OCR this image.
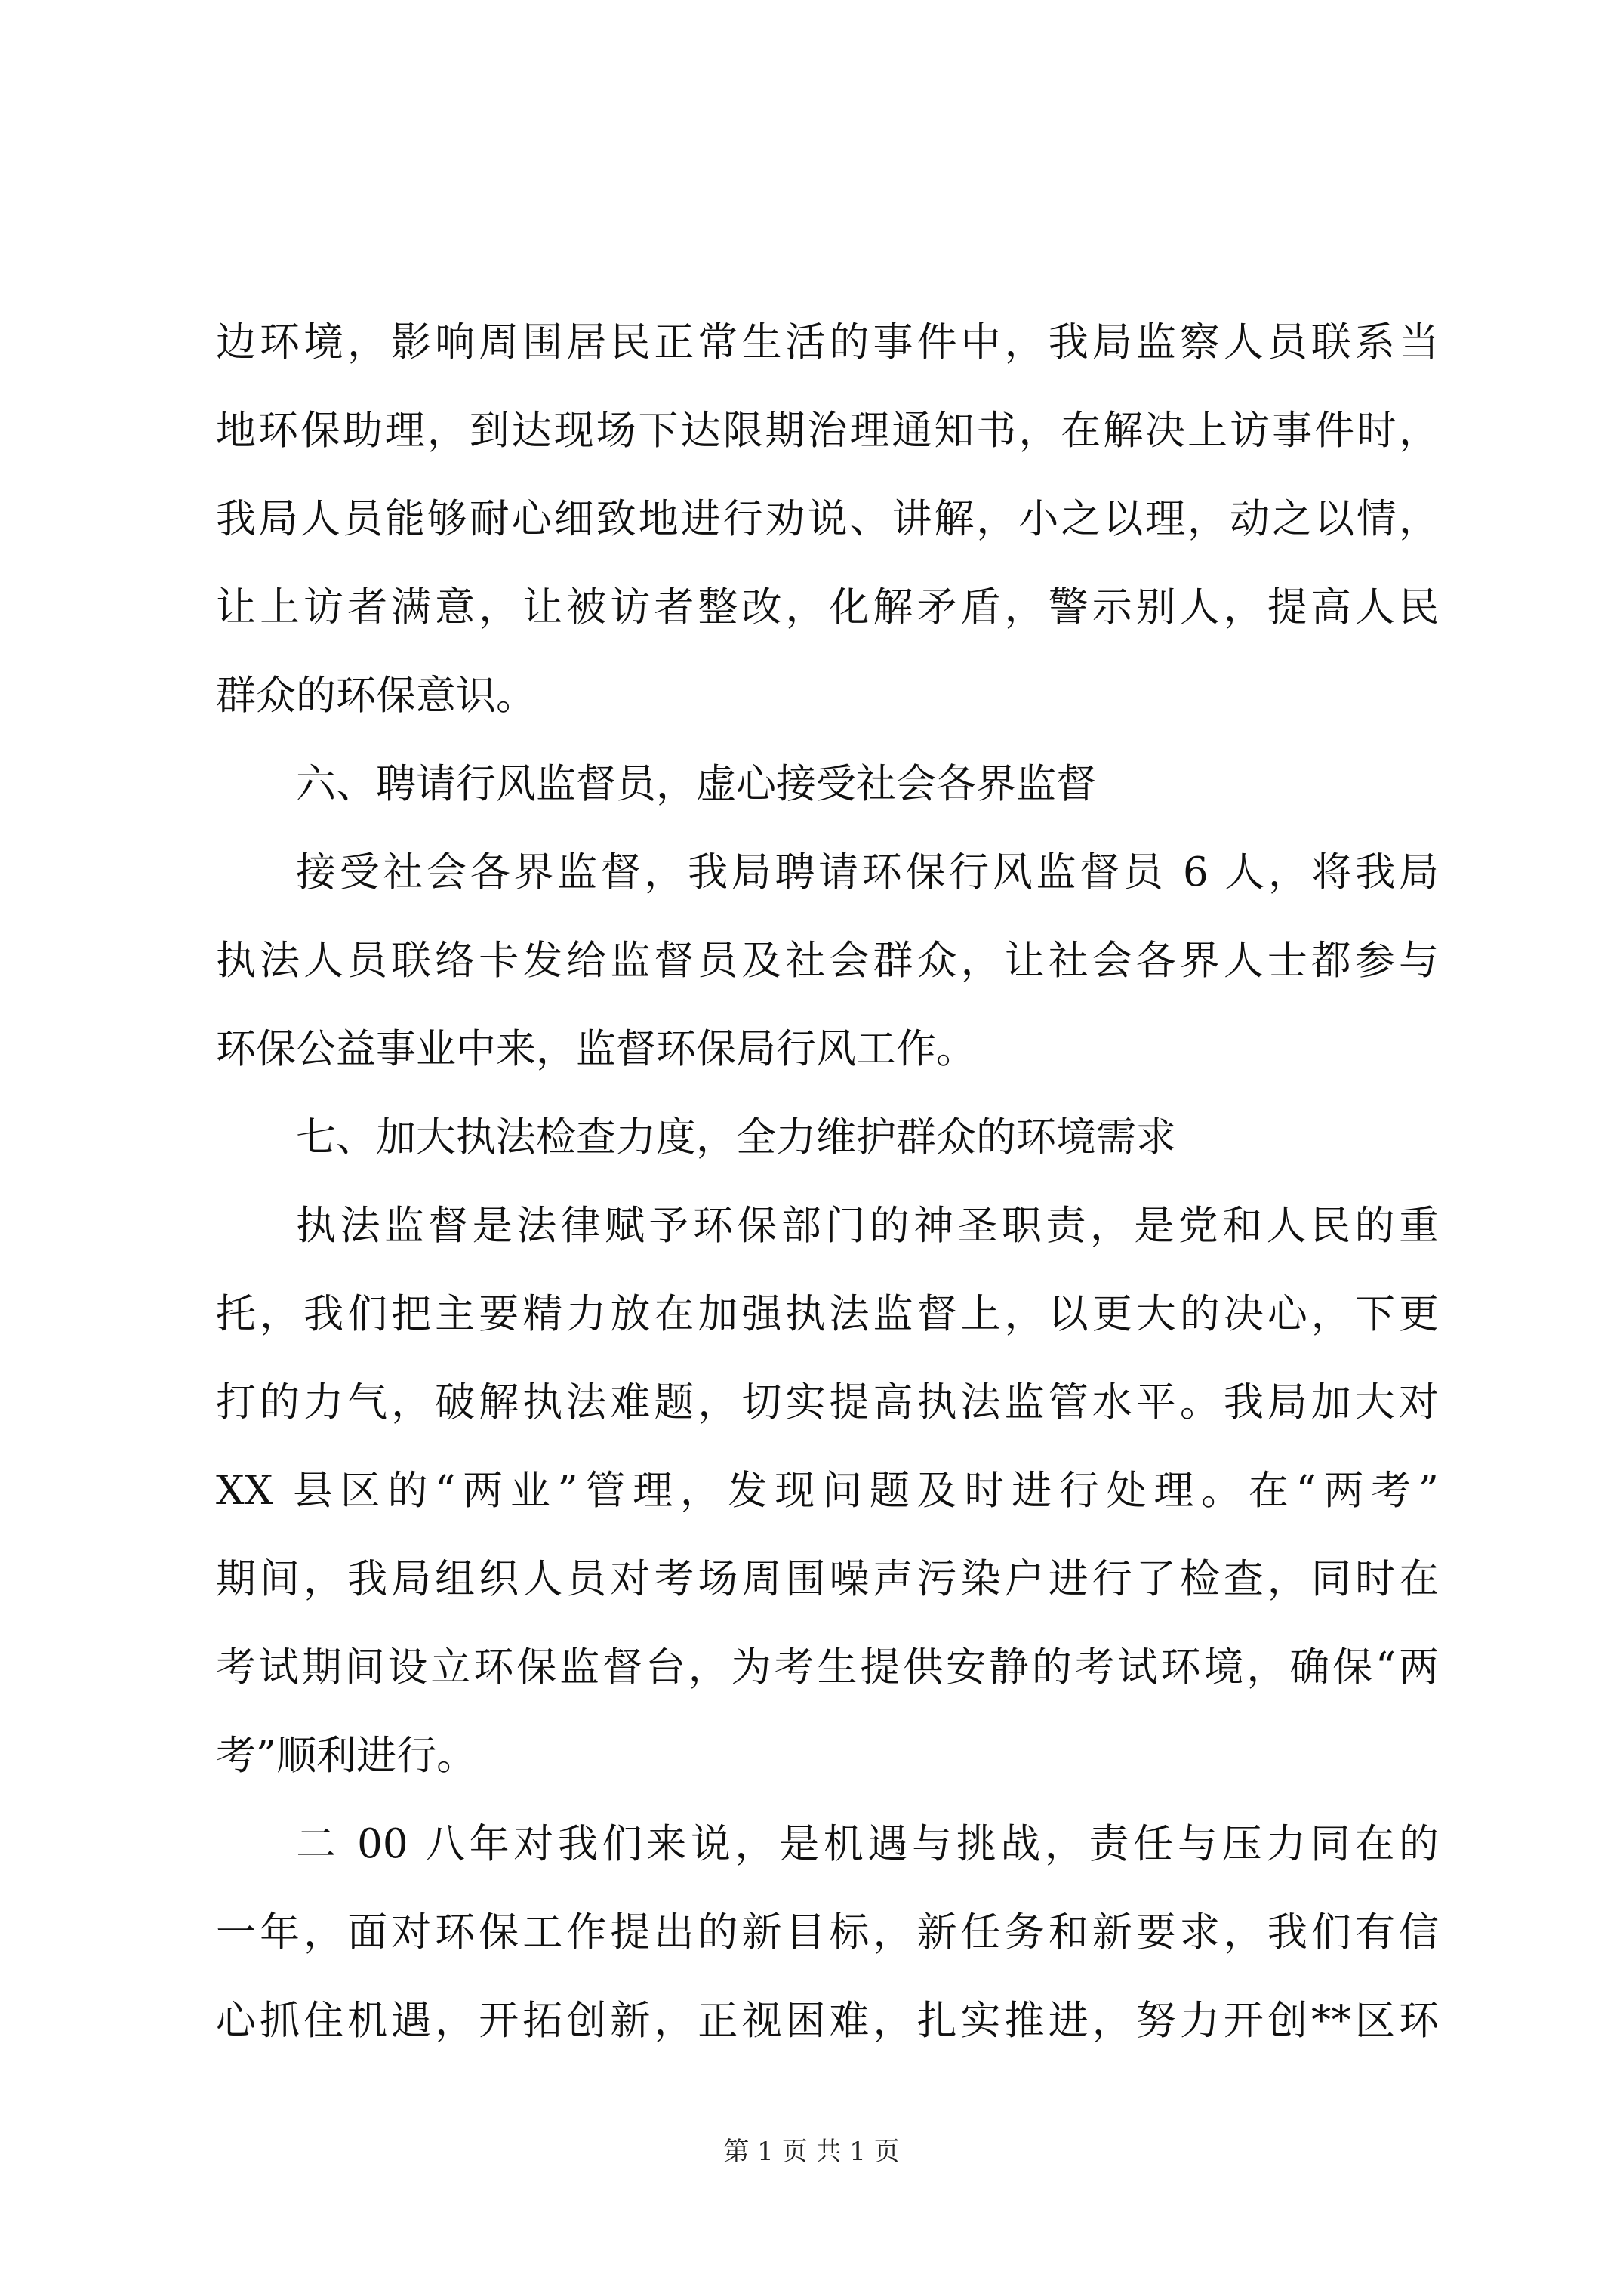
边环境，影响周围居民正常生活的事件中，我局监察人员联系当
地环保助理，到达现场下达限期治理通知书，在解决上访事件时，
我局人员能够耐心细致地进行劝说、讲解，小之以理，动之以情，
让上访者满意，让被访者整改，化解矛盾，警示别人，提高人民
群众的环保意识。
六、聘请行风监督员，虚心接受社会各界监督
接受社会各界监督，我局聘请环保行风监督员 6 人，将我局
执法人员联络卡发给监督员及社会群众，让社会各界人士都参与
环保公益事业中来，监督环保局行风工作。
七、加大执法检查力度，全力维护群众的环境需求
执法监督是法律赋予环保部门的神圣职责，是党和人民的重
托，我们把主要精力放在加强执法监督上，以更大的决心，下更
打的力气，破解执法难题，切实提高执法监管水平。我局加大对
XX 县区的“两业”管理，发现问题及时进行处理。在“两考”
期间，我局组织人员对考场周围噪声污染户进行了检查，同时在
考试期间设立环保监督台，为考生提供安静的考试环境，确保“两
考”顺利进行。
二 00 八年对我们来说，是机遇与挑战，责任与压力同在的
一年，面对环保工作提出的新目标，新任务和新要求，我们有信
心抓住机遇，开拓创新，正视困难，扎实推进，努力开创**区环
第 1 页 共 1 页
